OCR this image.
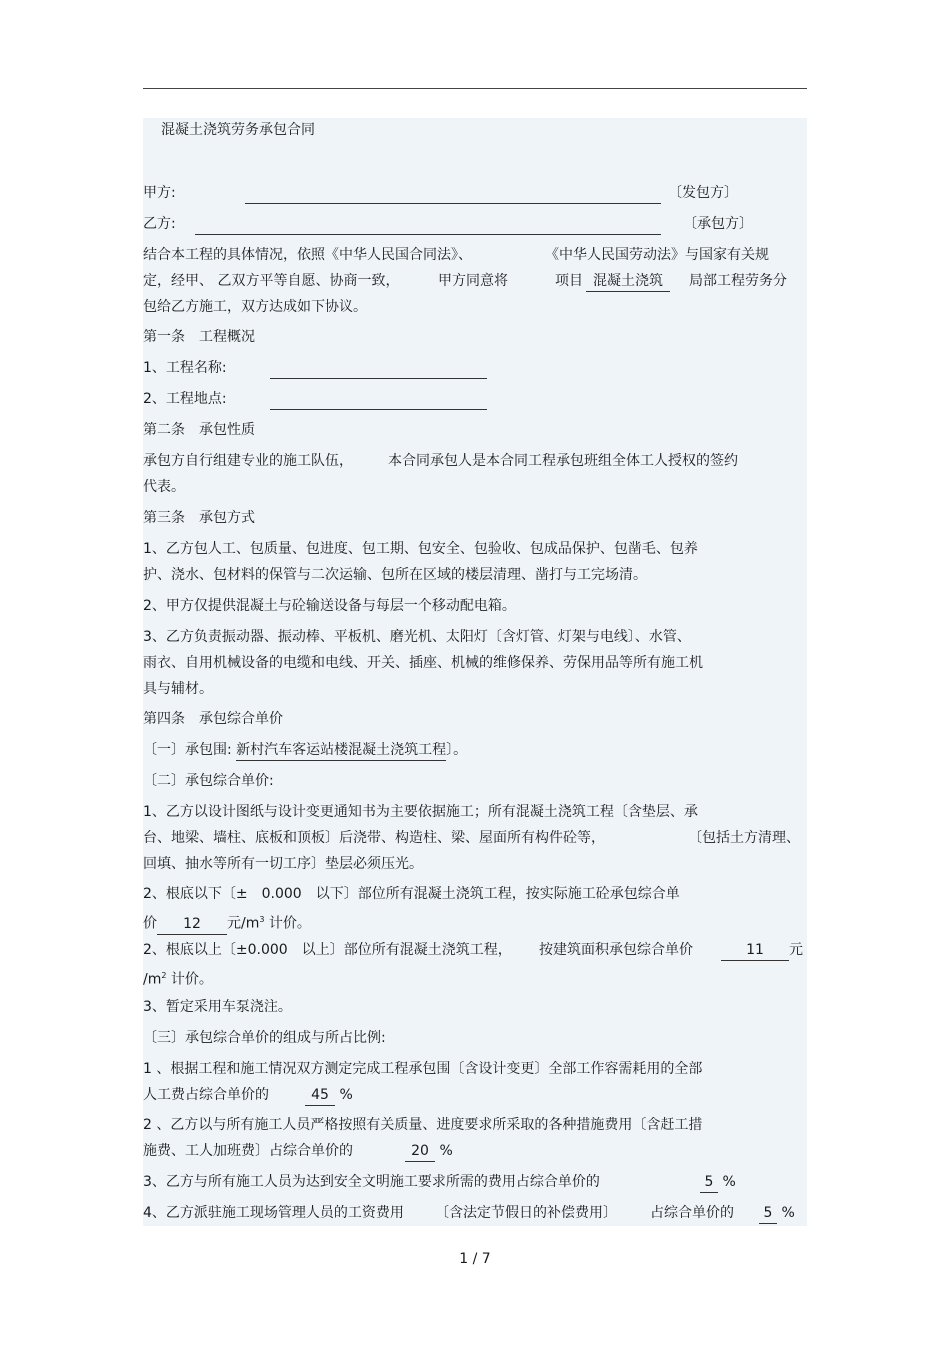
混凝土浇筑劳务承包合同
甲方:	〔发包方〕
乙方:	〔承包方〕
结合本工程的具体情况，依照《中华人民国合同法》、	《中华人民国劳动法》与国家有关规
定，经甲、 乙双方平等自愿、协商一致，	甲方同意将	项目 混凝土浇筑	局部工程劳务分
包给乙方施工，双方达成如下协议。
第一条　工程概况
1、工程名称:
2、工程地点:
第二条　承包性质
承包方自行组建专业的施工队伍，	本合同承包人是本合同工程承包班组全体工人授权的签约
代表。
第三条　承包方式
1、乙方包人工、包质量、包进度、包工期、包安全、包验收、包成品保护、包凿毛、包养
护、浇水、包材料的保管与二次运输、包所在区域的楼层清理、凿打与工完场清。
2、甲方仅提供混凝土与砼输送设备与每层一个移动配电箱。
3、乙方负责振动器、振动棒、平板机、磨光机、太阳灯〔含灯管、灯架与电线〕、水管、
雨衣、自用机械设备的电缆和电线、开关、插座、机械的维修保养、劳保用品等所有施工机
具与辅材。
第四条　承包综合单价
〔一〕承包围: 新村汽车客运站楼混凝土浇筑工程〕。
〔二〕承包综合单价:
1、乙方以设计图纸与设计变更通知书为主要依据施工；所有混凝土浇筑工程〔含垫层、承
台、地梁、墙柱、底板和顶板〕后浇带、构造柱、梁、屋面所有构件砼等，	〔包括土方清理、
回填、抽水等所有一切工序〕垫层必须压光。
2、根底以下〔±　0.000　以下〕部位所有混凝土浇筑工程，按实际施工砼承包综合单
价 12 元$/m^3$ 计价。
2、根底以上〔±0.000　以上〕部位所有混凝土浇筑工程， 按建筑面积承包综合单价	11 元
$/m^2$ 计价。
3、暂定采用车泵浇注。
〔三〕承包综合单价的组成与所占比例:
1 、根据工程和施工情况双方测定完成工程承包围〔含设计变更〕全部工作容需耗用的全部
人工费占综合单价的	45 %
2 、乙方以与所有施工人员严格按照有关质量、进度要求所采取的各种措施费用〔含赶工措
施费、工人加班费〕占综合单价的	20 %
3、乙方与所有施工人员为达到安全文明施工要求所需的费用占综合单价的	5 %
4、乙方派驻施工现场管理人员的工资费用 〔含法定节假日的补偿费用〕 占综合单价的	5 %
1 / 7
